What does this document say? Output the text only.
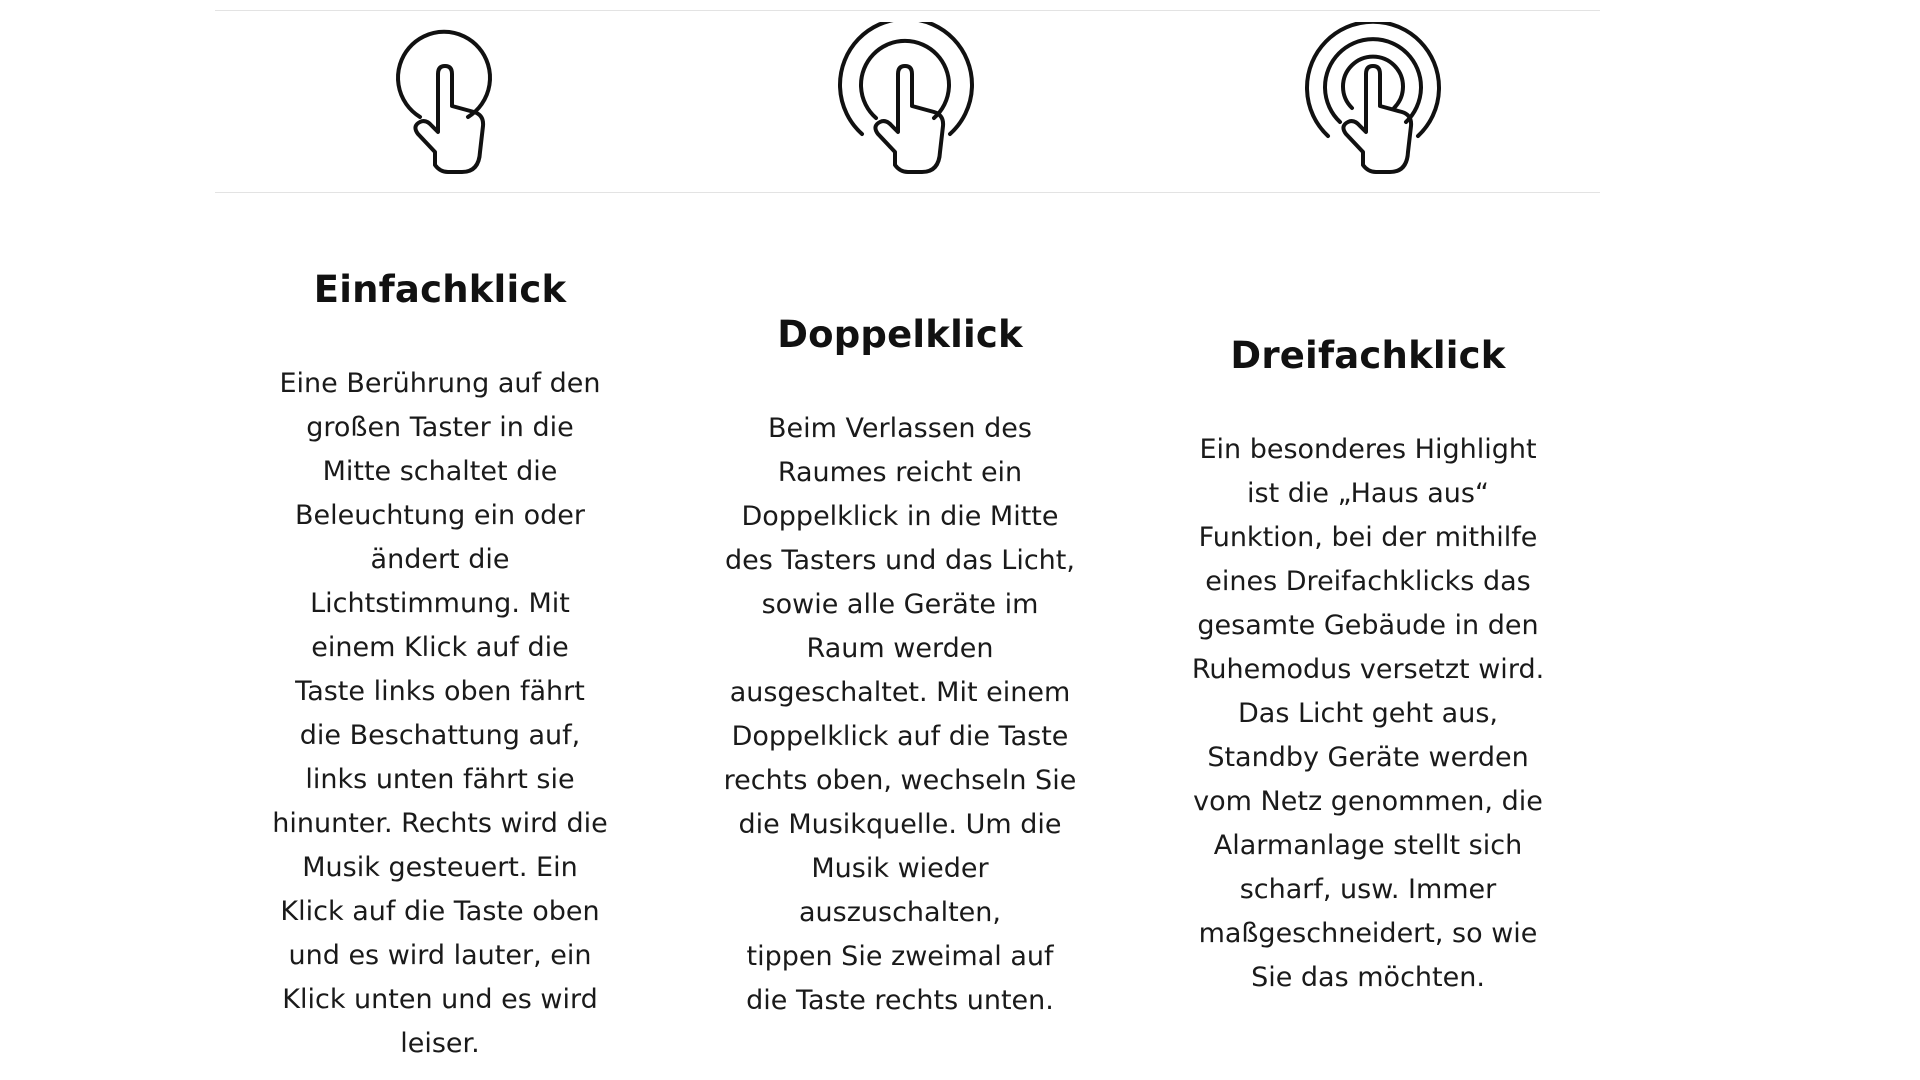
Einfachklick

Eine Berührung auf den
großen Taster in die
Mitte schaltet die
Beleuchtung ein oder
ändert die
Lichtstimmung. Mit
einem Klick auf die
Taste links oben fährt
die Beschattung auf,
links unten fährt sie
hinunter. Rechts wird die
Musik gesteuert. Ein
Klick auf die Taste oben
und es wird lauter, ein
Klick unten und es wird
leiser.

Doppelklick

Beim Verlassen des
Raumes reicht ein
Doppelklick in die Mitte
des Tasters und das Licht,
sowie alle Geräte im
Raum werden
ausgeschaltet. Mit einem
Doppelklick auf die Taste
rechts oben, wechseln Sie
die Musikquelle. Um die
Musik wieder
auszuschalten,
tippen Sie zweimal auf
die Taste rechts unten.

Dreifachklick

Ein besonderes Highlight
ist die „Haus aus“
Funktion, bei der mithilfe
eines Dreifachklicks das
gesamte Gebäude in den
Ruhemodus versetzt wird.
Das Licht geht aus,
Standby Geräte werden
vom Netz genommen, die
Alarmanlage stellt sich
scharf, usw. Immer
maßgeschneidert, so wie
Sie das möchten.
